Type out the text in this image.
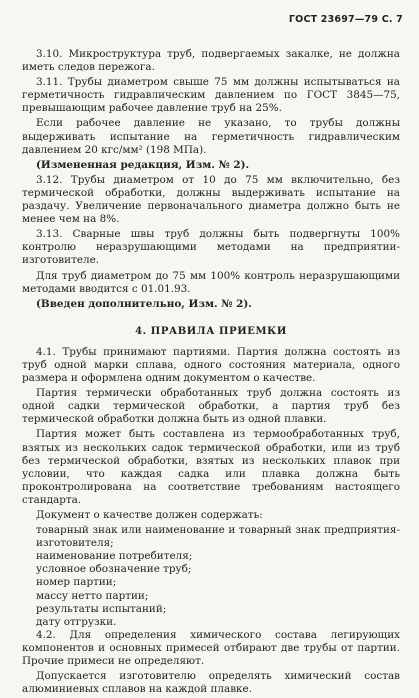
ГОСТ 23697—79 С. 7

3.10. Микроструктура труб, подвергаемых закалке, не должна иметь следов пережога.

3.11. Трубы диаметром свыше 75 мм должны испытываться на герметичность гидравлическим давлением по ГОСТ 3845—75, превышающим рабочее давление труб на 25%.

Если рабочее давление не указано, то трубы должны выдерживать испытание на герметичность гидравлическим давлением 20 кгс/мм² (198 МПа).

(Измененная редакция, Изм. № 2).

3.12. Трубы диаметром от 10 до 75 мм включительно, без термической обработки, должны выдерживать испытание на раздачу. Увеличение первоначального диаметра должно быть не менее чем на 8%.

3.13. Сварные швы труб должны быть подвергнуты 100% контролю неразрушающими методами на предприятии-изготовителе.

Для труб диаметром до 75 мм 100% контроль неразрушающими методами вводится с 01.01.93.

(Введен дополнительно, Изм. № 2).

4. ПРАВИЛА ПРИЕМКИ

4.1. Трубы принимают партиями. Партия должна состоять из труб одной марки сплава, одного состояния материала, одного размера и оформлена одним документом о качестве.

Партия термически обработанных труб должна состоять из одной садки термической обработки, а партия труб без термической обработки должна быть из одной плавки.

Партия может быть составлена из термообработанных труб, взятых из нескольких садок термической обработки, или из труб без термической обработки, взятых из нескольких плавок при условии, что каждая садка или плавка должна быть проконтролирована на соответствие требованиям настоящего стандарта.

Документ о качестве должен содержать:

товарный знак или наименование и товарный знак предприятия-изготовителя;

наименование потребителя;

условное обозначение труб;

номер партии;

массу нетто партии;

результаты испытаний;

дату отгрузки.

4.2. Для определения химического состава легирующих компонентов и основных примесей отбирают две трубы от партии. Прочие примеси не определяют.

Допускается изготовителю определять химический состав алюминиевых сплавов на каждой плавке.
